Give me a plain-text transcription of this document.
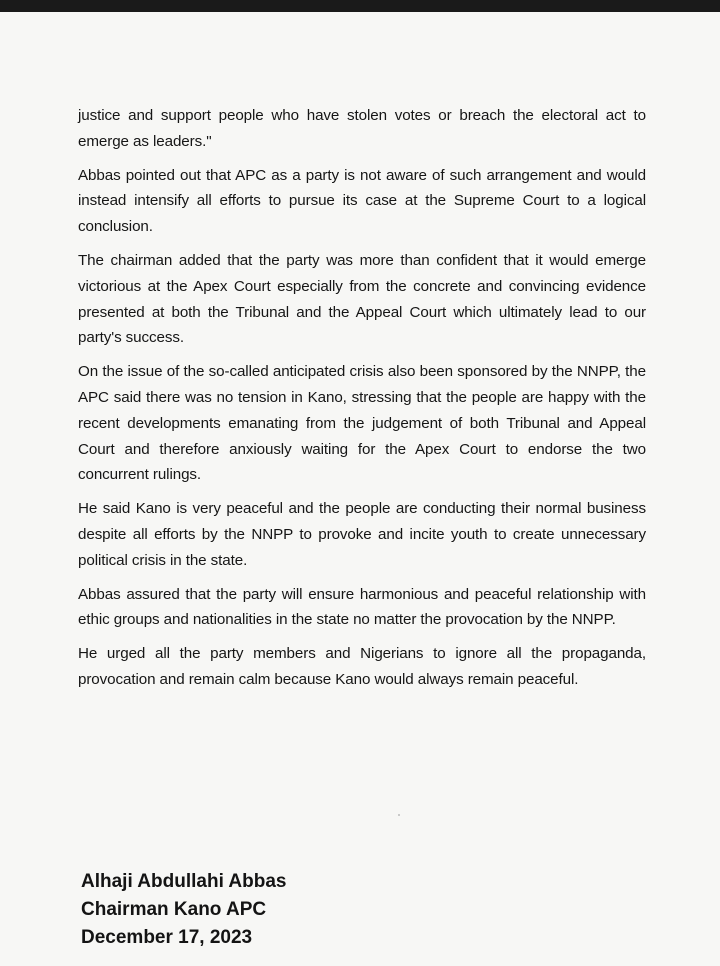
justice and support people who have stolen votes or breach the electoral act to emerge as leaders."

Abbas pointed out that APC as a party is not aware of such arrangement and would instead intensify all efforts to pursue its case at the Supreme Court to a logical conclusion.

The chairman added that the party was more than confident that it would emerge victorious at the Apex Court especially from the concrete and convincing evidence presented at both the Tribunal and the Appeal Court which ultimately lead to our party's success.

On the issue of the so-called anticipated crisis also been sponsored by the NNPP, the APC said there was no tension in Kano, stressing that the people are happy with the recent developments emanating from the judgement of both Tribunal and Appeal Court and therefore anxiously waiting for the Apex Court to endorse the two concurrent rulings.

He said Kano is very peaceful and the people are conducting their normal business despite all efforts by the NNPP to provoke and incite youth to create unnecessary political crisis in the state.

Abbas assured that the party will ensure harmonious and peaceful relationship with ethic groups and nationalities in the state no matter the provocation by the NNPP.

He urged all the party members and Nigerians to ignore all the propaganda, provocation and remain calm because Kano would always remain peaceful.

Alhaji Abdullahi Abbas
Chairman Kano APC
December 17, 2023
